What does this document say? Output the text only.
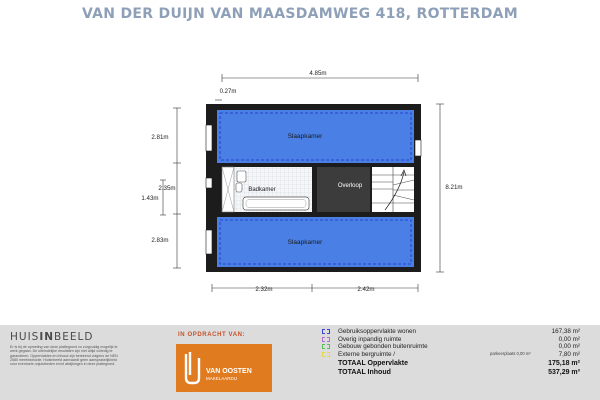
VAN DER DUIJN VAN MAASDAMWEG 418, ROTTERDAM
Slaapkamer
Badkamer
Overloop
Slaapkamer
4.85m
0.27m
2.81m
2.35m
1.43m
2.83m
8.21m
2.32m	2.42m
HUISINBEELD
Er is bij de opmeting van deze plattegrond zo zorgvuldig mogelijk te werk gegaan. De uiteindelijke resultaten zijn niet altijd volledig te garanderen. Oppervlaktes en inhoud zijn berekend volgens de NEN 2580 meetinstructie. Huisinbeeld aanvaardt geen aansprakelijkheid voor eventuele onjuistheden en/of afwijkingen in deze plattegrond.
IN OPDRACHT VAN:	Gebruiksoppervlakte wonen	167,38 m²
Overig inpandig ruimte	0,00 m²
Gebouw gebonden buitenruimte	0,00 m²
Externe bergruimte /	parkeerplaats 0,00 m²	7,80 m²
TOTAAL Oppervlakte	175,18 m²
TOTAAL Inhoud	537,29 m³
VAN OOSTEN
MAKELAARDIJ
